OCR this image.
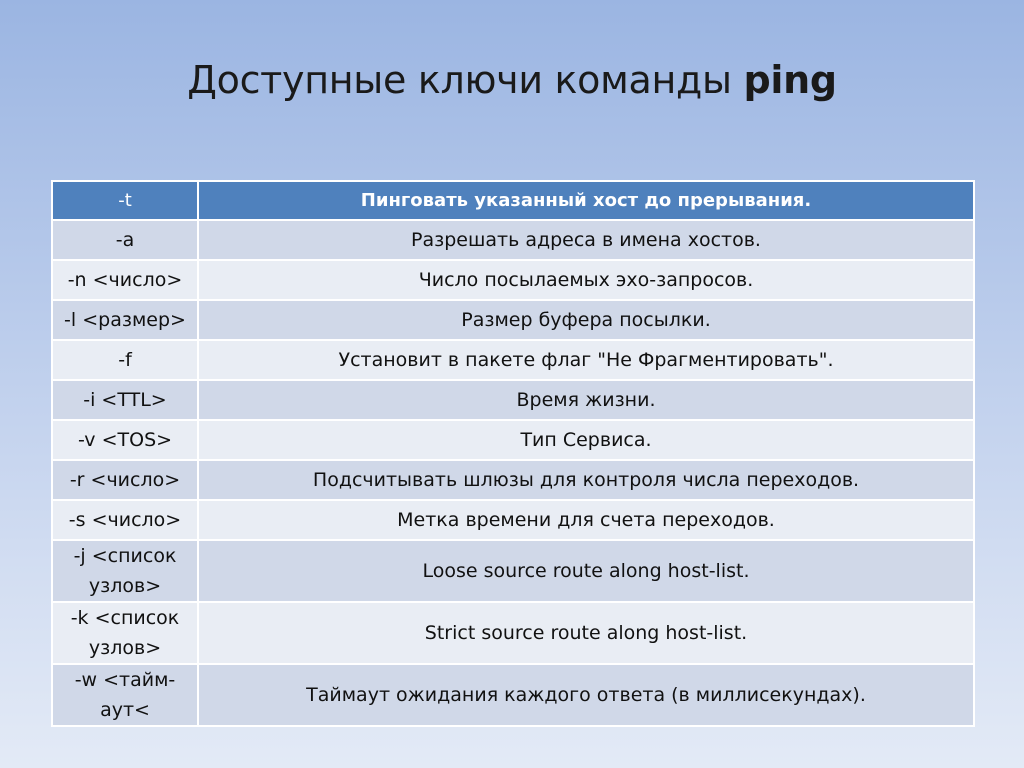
Доступные ключи команды ping
-t	Пинговать указанный хост до прерывания.
-a	Разрешать адреса в имена хостов.
-n <число>	Число посылаемых эхо-запросов.
-l <размер>	Размер буфера посылки.
-f	Установит в пакете флаг "Не Фрагментировать".
-i <TTL>	Время жизни.
-v <TOS>	Тип Сервиса.
-r <число>	Подсчитывать шлюзы для контроля числа переходов.
-s <число>	Метка времени для счета переходов.
-j <список узлов>	Loose source route along host-list.
-k <список узлов>	Strict source route along host-list.
-w <тайм-аут<	Таймаут ожидания каждого ответа (в миллисекундах).
